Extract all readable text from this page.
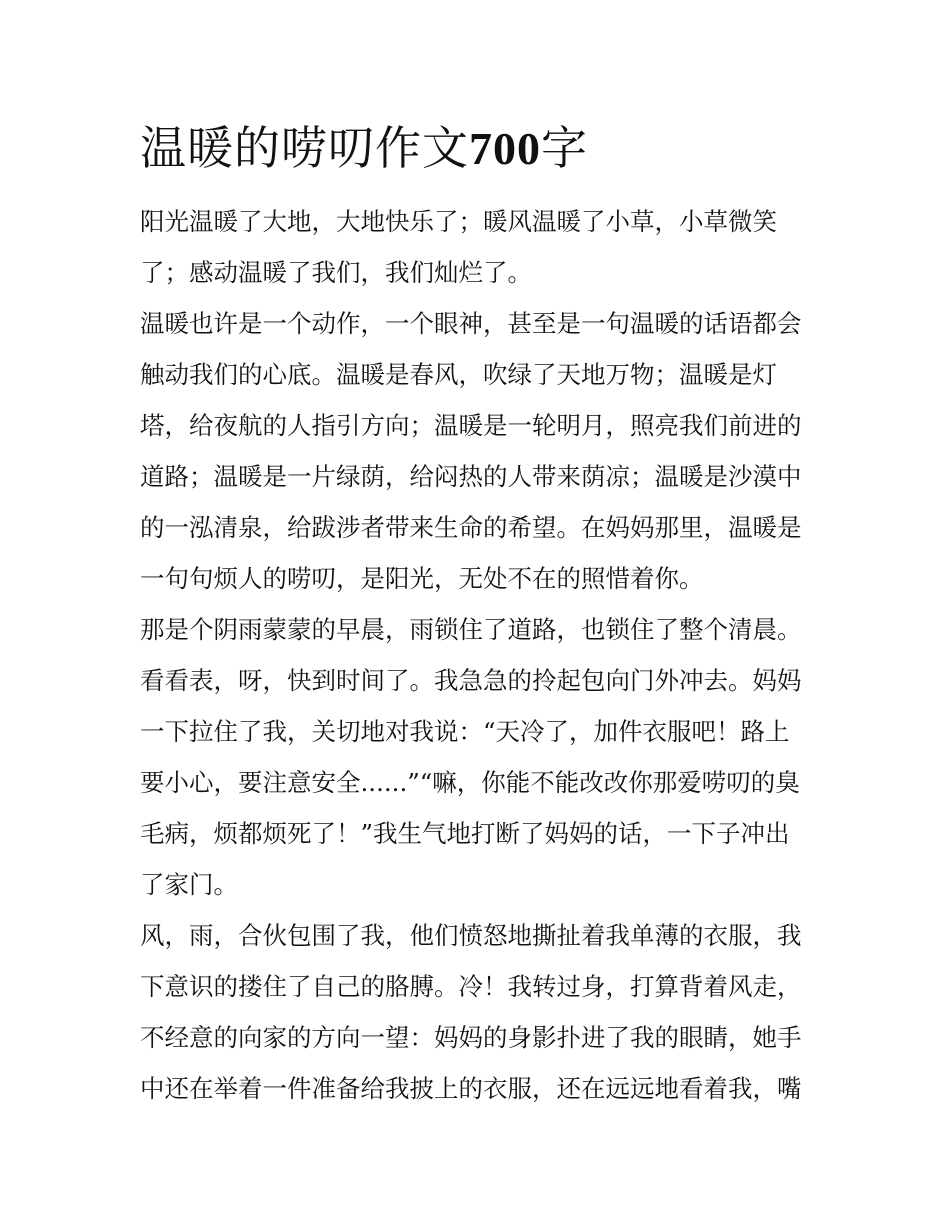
温暖的唠叨作文700字

阳光温暖了大地，大地快乐了；暖风温暖了小草，小草微笑

了；感动温暖了我们，我们灿烂了。

温暖也许是一个动作，一个眼神，甚至是一句温暖的话语都会

触动我们的心底。温暖是春风，吹绿了天地万物；温暖是灯

塔，给夜航的人指引方向；温暖是一轮明月，照亮我们前进的

道路；温暖是一片绿荫，给闷热的人带来荫凉；温暖是沙漠中

的一泓清泉，给跋涉者带来生命的希望。在妈妈那里，温暖是

一句句烦人的唠叨，是阳光，无处不在的照惜着你。

那是个阴雨蒙蒙的早晨，雨锁住了道路，也锁住了整个清晨。

看看表，呀，快到时间了。我急急的拎起包向门外冲去。妈妈

一下拉住了我，关切地对我说：“天冷了，加件衣服吧！路上

要小心，要注意安全......”“嘛，你能不能改改你那爱唠叨的臭

毛病，烦都烦死了！”我生气地打断了妈妈的话，一下子冲出

了家门。

风，雨，合伙包围了我，他们愤怒地撕扯着我单薄的衣服，我

下意识的搂住了自己的胳膊。冷！我转过身，打算背着风走，

不经意的向家的方向一望：妈妈的身影扑进了我的眼睛，她手

中还在举着一件准备给我披上的衣服，还在远远地看着我，嘴
